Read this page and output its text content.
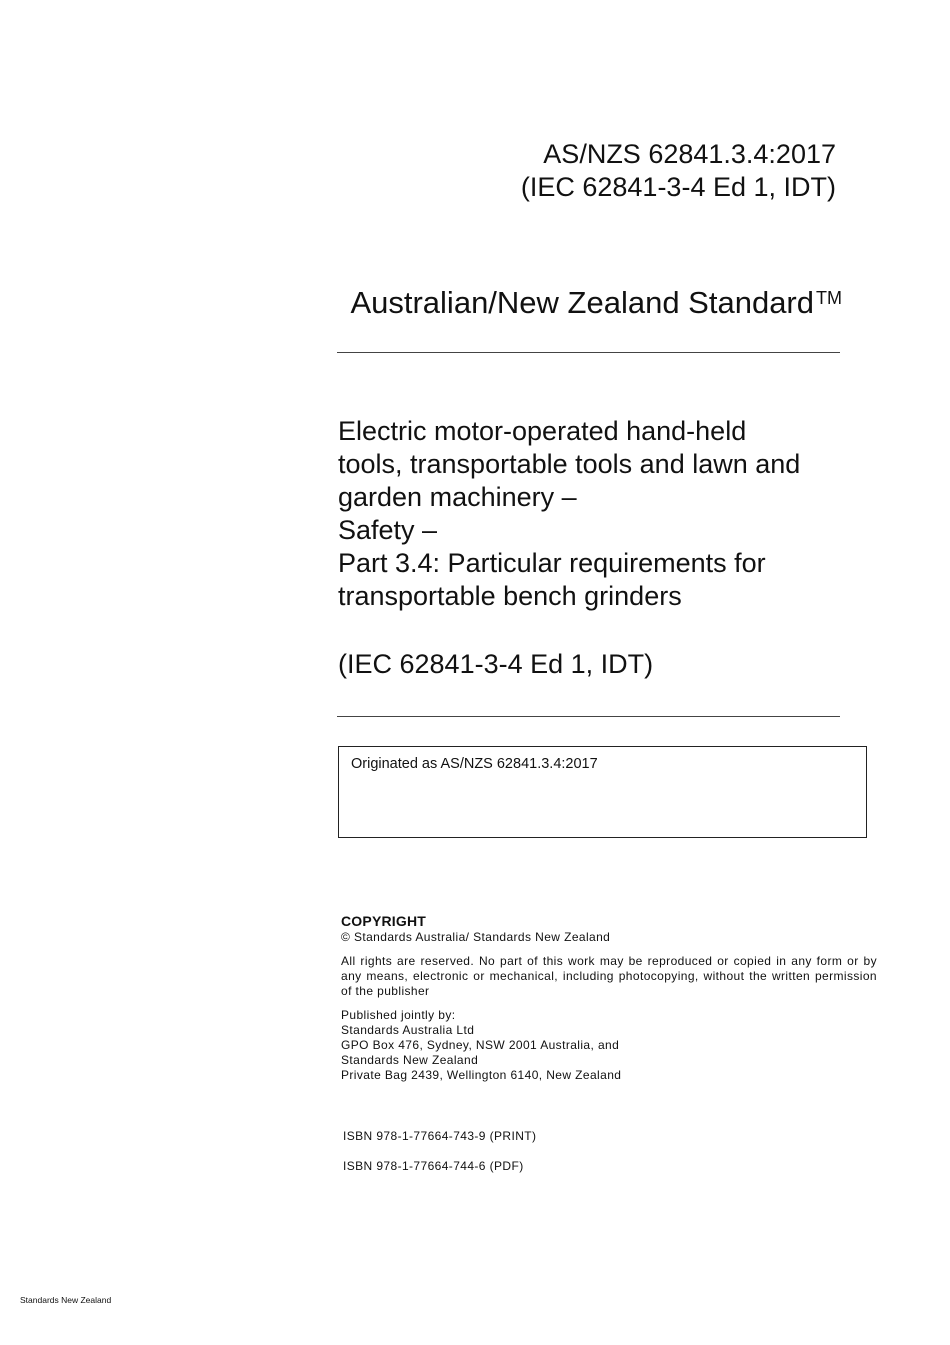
AS/NZS 62841.3.4:2017
(IEC 62841-3-4 Ed 1, IDT)
Australian/New Zealand Standard ™
Electric motor-operated hand-held
tools, transportable tools and lawn and
garden machinery –
Safety –
Part 3.4: Particular requirements for
transportable bench grinders
(IEC 62841-3-4 Ed 1, IDT)
Originated as AS/NZS 62841.3.4:2017
COPYRIGHT
© Standards Australia/ Standards New Zealand
All rights are reserved. No part of this work may be reproduced or copied in any form or by any means, electronic or mechanical, including photocopying, without the written permission of the publisher
Published jointly by:
Standards Australia Ltd
GPO Box 476, Sydney, NSW 2001 Australia, and
Standards New Zealand
Private Bag 2439, Wellington 6140, New Zealand
ISBN 978-1-77664-743-9 (PRINT)
ISBN 978-1-77664-744-6 (PDF)
Standards New Zealand
